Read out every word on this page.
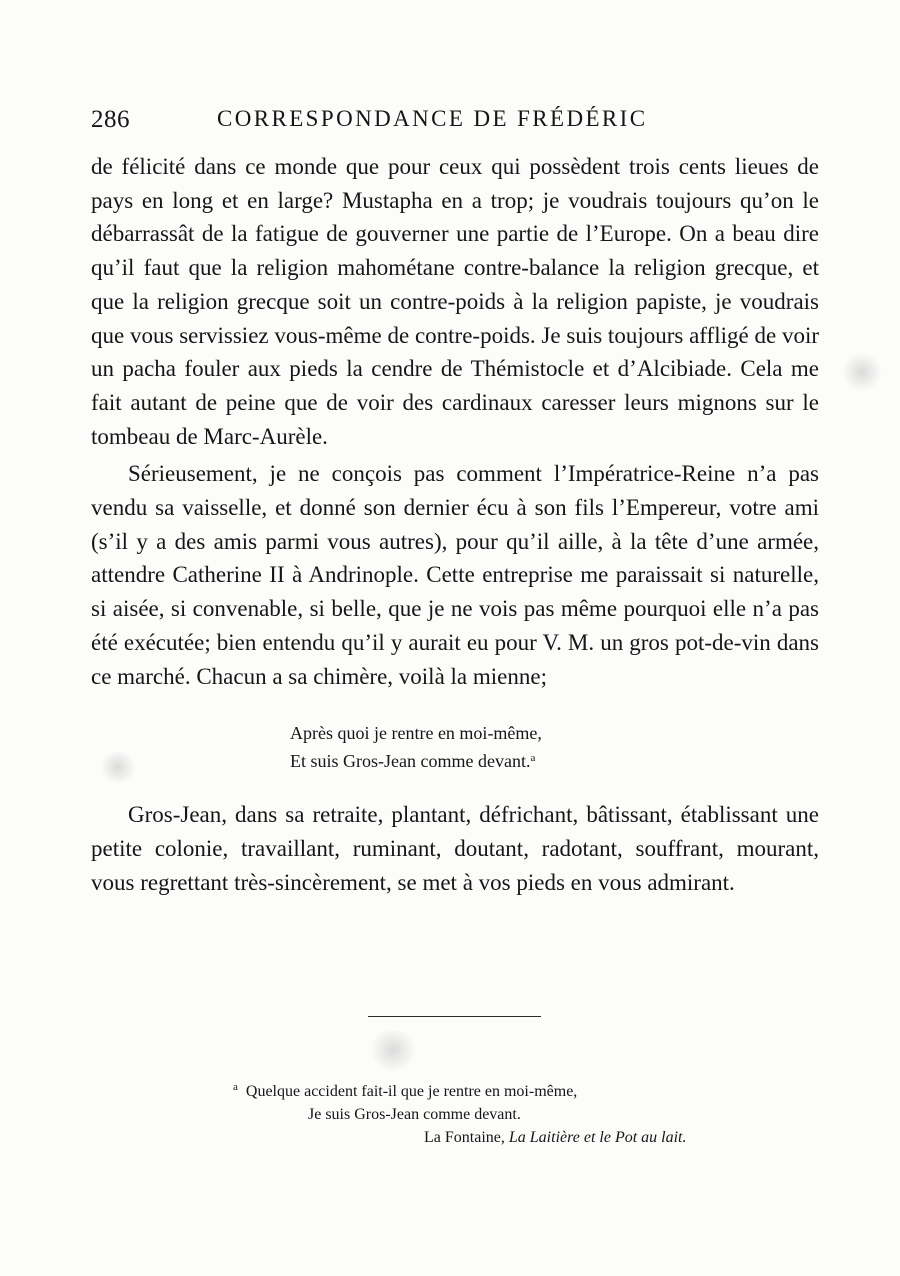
286	CORRESPONDANCE DE FRÉDÉRIC

de félicité dans ce monde que pour ceux qui possèdent trois cents lieues de pays en long et en large? Mustapha en a trop; je voudrais toujours qu’on le débarrassât de la fatigue de gouverner une partie de l’Europe. On a beau dire qu’il faut que la religion mahométane contre-balance la religion grecque, et que la religion grecque soit un contre-poids à la religion papiste, je voudrais que vous servissiez vous-même de contre-poids. Je suis toujours affligé de voir un pacha fouler aux pieds la cendre de Thémistocle et d’Alcibiade. Cela me fait autant de peine que de voir des cardinaux caresser leurs mignons sur le tombeau de Marc-Aurèle.

Sérieusement, je ne conçois pas comment l’Impératrice-Reine n’a pas vendu sa vaisselle, et donné son dernier écu à son fils l’Empereur, votre ami (s’il y a des amis parmi vous autres), pour qu’il aille, à la tête d’une armée, attendre Catherine II à Andrinople. Cette entreprise me paraissait si naturelle, si aisée, si convenable, si belle, que je ne vois pas même pourquoi elle n’a pas été exécutée; bien entendu qu’il y aurait eu pour V. M. un gros pot-de-vin dans ce marché. Chacun a sa chimère, voilà la mienne;

Après quoi je rentre en moi-même,
Et suis Gros-Jean comme devant.$^a$

Gros-Jean, dans sa retraite, plantant, défrichant, bâtissant, établissant une petite colonie, travaillant, ruminant, doutant, radotant, souffrant, mourant, vous regrettant très-sincèrement, se met à vos pieds en vous admirant.

$^a$ Quelque accident fait-il que je rentre en moi-même,
Je suis Gros-Jean comme devant.
La Fontaine, La Laitière et le Pot au lait.
